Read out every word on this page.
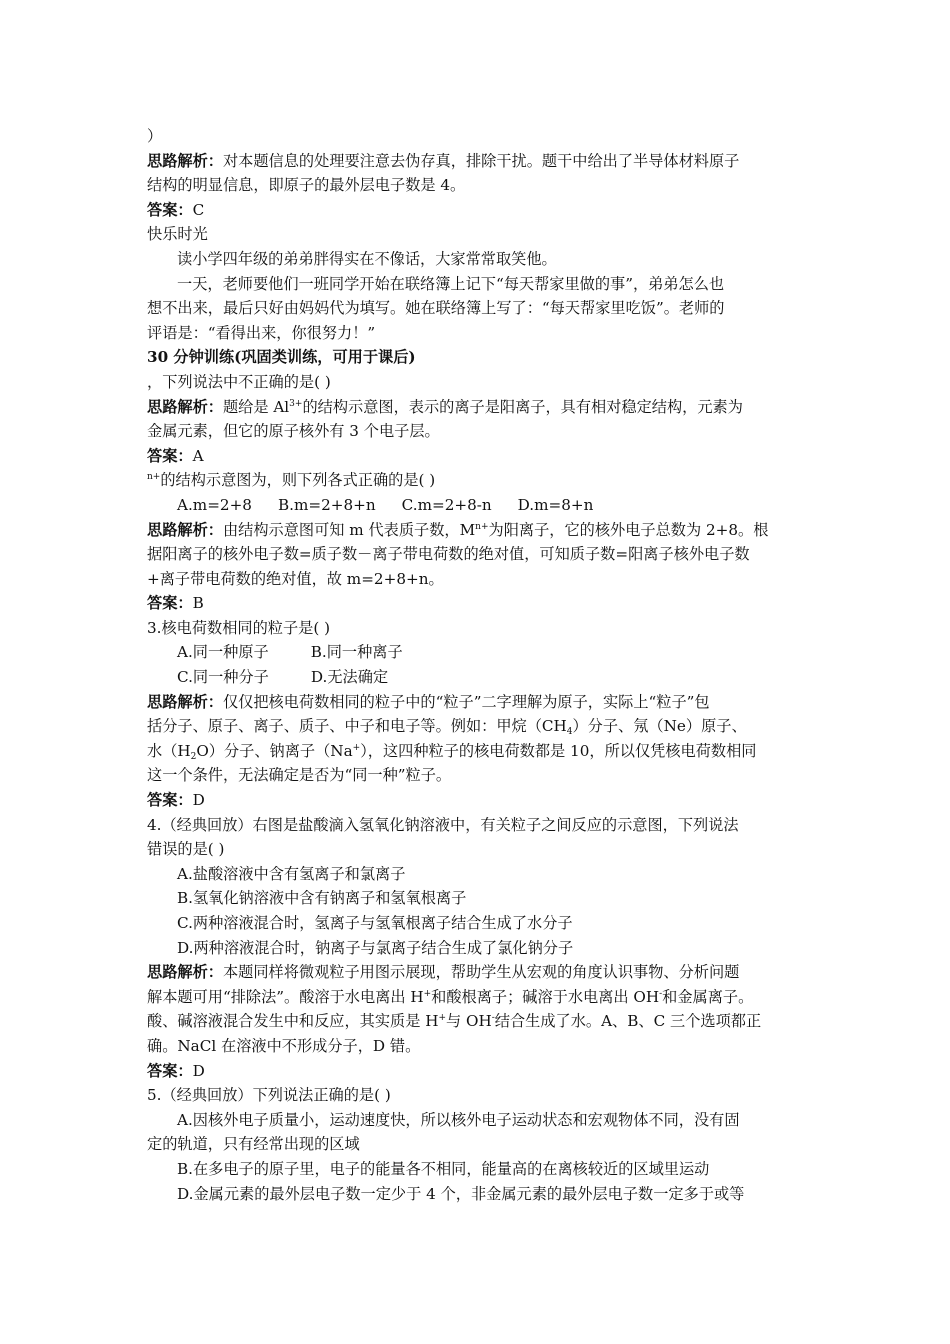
）
思路解析：对本题信息的处理要注意去伪存真，排除干扰。题干中给出了半导体材料原子
结构的明显信息，即原子的最外层电子数是 4。
答案：C
快乐时光
读小学四年级的弟弟胖得实在不像话，大家常常取笑他。
一天，老师要他们一班同学开始在联络簿上记下“每天帮家里做的事”，弟弟怎么也
想不出来，最后只好由妈妈代为填写。她在联络簿上写了：“每天帮家里吃饭”。老师的
评语是：“看得出来，你很努力！”
30 分钟训练(巩固类训练，可用于课后)
，下列说法中不正确的是( )
思路解析：题给是 $Al^{3+}$的结构示意图，表示的离子是阳离子，具有相对稳定结构，元素为
金属元素，但它的原子核外有 3 个电子层。
答案：A
$^{n+}$的结构示意图为，则下列各式正确的是( )
A.m=2+8 B.m=2+8+n C.m=2+8-n D.m=8+n
思路解析：由结构示意图可知 m 代表质子数，$M^{n+}$为阳离子，它的核外电子总数为 2+8。根
据阳离子的核外电子数=质子数－离子带电荷数的绝对值，可知质子数=阳离子核外电子数
+离子带电荷数的绝对值，故 m=2+8+n。
答案：B
3.核电荷数相同的粒子是( )
A.同一种原子	B.同一种离子
C.同一种分子	D.无法确定
思路解析：仅仅把核电荷数相同的粒子中的“粒子”二字理解为原子，实际上“粒子”包
括分子、原子、离子、质子、中子和电子等。例如：甲烷$(CH_4)$分子、氖（Ne）原子、
水$(H_2O)$分子、钠离子（Na+），这四种粒子的核电荷数都是 10，所以仅凭核电荷数相同
这一个条件，无法确定是否为“同一种”粒子。
答案：D
4.（经典回放）右图是盐酸滴入氢氧化钠溶液中，有关粒子之间反应的示意图，下列说法
错误的是( )
A.盐酸溶液中含有氢离子和氯离子
B.氢氧化钠溶液中含有钠离子和氢氧根离子
C.两种溶液混合时，氢离子与氢氧根离子结合生成了水分子
D.两种溶液混合时，钠离子与氯离子结合生成了氯化钠分子
思路解析：本题同样将微观粒子用图示展现，帮助学生从宏观的角度认识事物、分析问题
解本题可用“排除法”。酸溶于水电离出 H+和酸根离子；碱溶于水电离出 OH-和金属离子。
酸、碱溶液混合发生中和反应，其实质是 H+与 OH-结合生成了水。A、B、C 三个选项都正
确。NaCl 在溶液中不形成分子，D 错。
答案：D
5.（经典回放）下列说法正确的是( )
A.因核外电子质量小，运动速度快，所以核外电子运动状态和宏观物体不同，没有固
定的轨道，只有经常出现的区域
B.在多电子的原子里，电子的能量各不相同，能量高的在离核较近的区域里运动
D.金属元素的最外层电子数一定少于 4 个，非金属元素的最外层电子数一定多于或等
